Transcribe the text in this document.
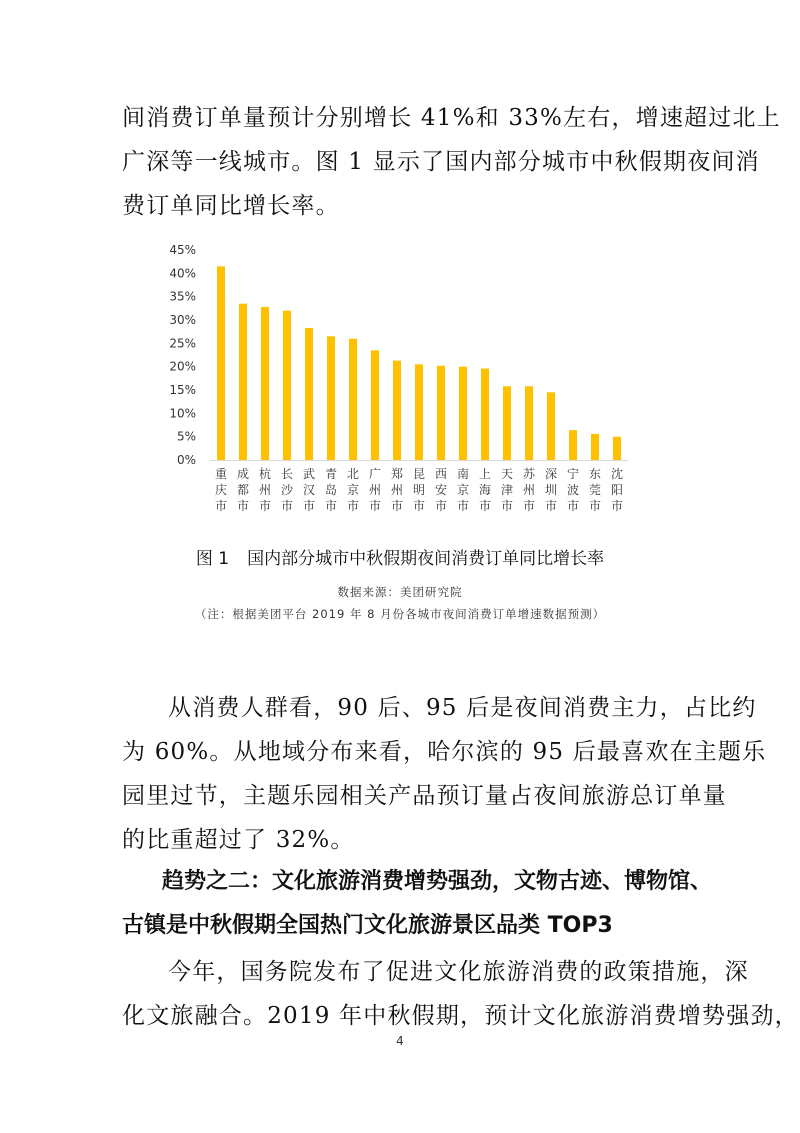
间消费订单量预计分别增长 41%和 33%左右，增速超过北上
广深等一线城市。图 1 显示了国内部分城市中秋假期夜间消
费订单同比增长率。
0%
5%
10%
15%
20%
25%
30%
35%
40%
45%
重庆市
成都市
杭州市
长沙市
武汉市
青岛市
北京市
广州市
郑州市
昆明市
西安市
南京市
上海市
天津市
苏州市
深圳市
宁波市
东莞市
沈阳市
图 1 国内部分城市中秋假期夜间消费订单同比增长率
数据来源：美团研究院
（注：根据美团平台 2019 年 8 月份各城市夜间消费订单增速数据预测）
从消费人群看，90 后、95 后是夜间消费主力，占比约
为 60%。从地域分布来看，哈尔滨的 95 后最喜欢在主题乐
园里过节，主题乐园相关产品预订量占夜间旅游总订单量
的比重超过了 32%。
趋势之二：文化旅游消费增势强劲，文物古迹、博物馆、
古镇是中秋假期全国热门文化旅游景区品类 TOP3
今年，国务院发布了促进文化旅游消费的政策措施，深
化文旅融合。2019 年中秋假期，预计文化旅游消费增势强劲，
4
